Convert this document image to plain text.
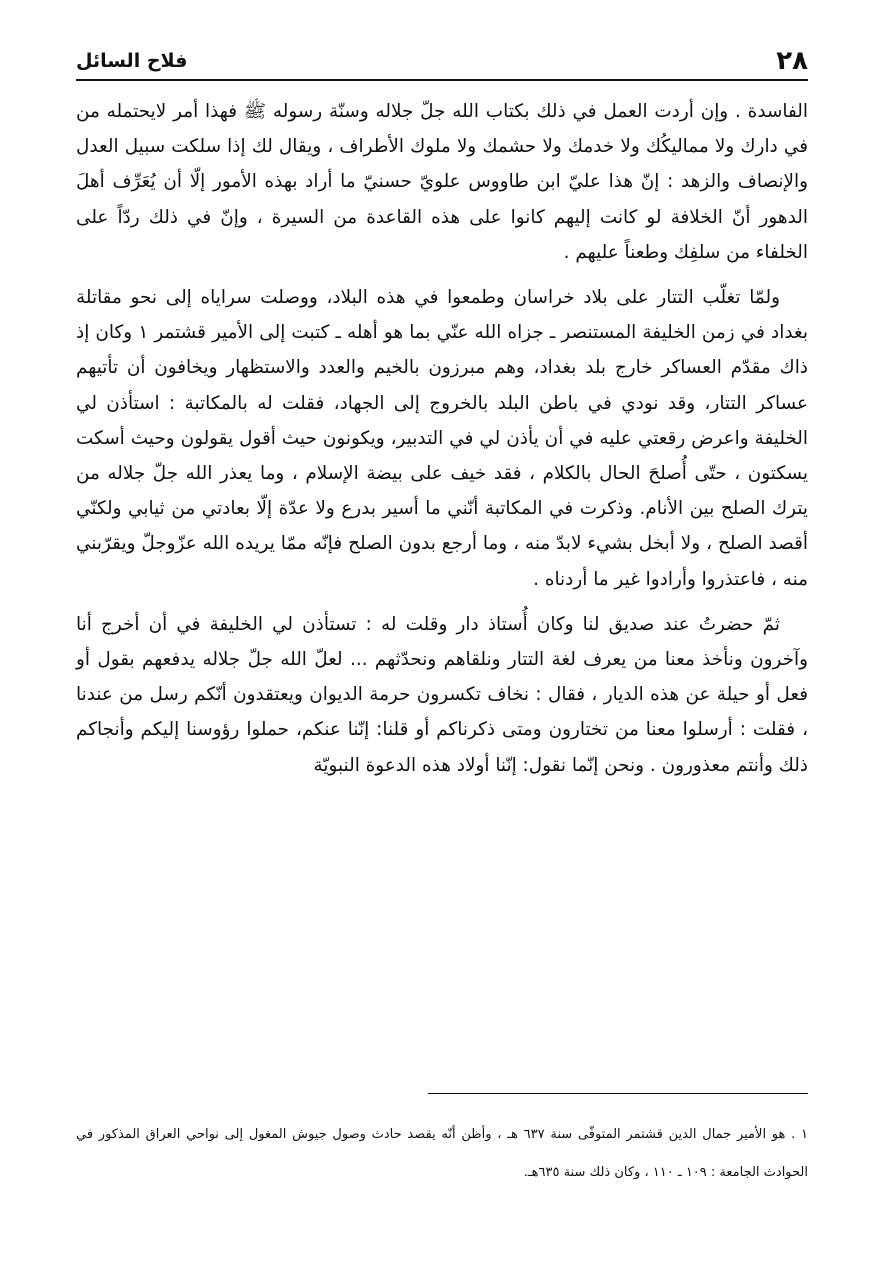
٢٨
فلاح السائل

الفاسدة . وإن أردت العمل في ذلك بكتاب الله جلّ جلاله وسنّة رسوله ﷺ فهذا أمر لايحتمله من في دارك ولا مماليكُك ولا خدمك ولا حشمك ولا ملوك الأطراف ، ويقال لك إذا سلكت سبيل العدل والإنصاف والزهد : إنّ هذا عليّ ابن طاووس علويّ حسنيّ ما أراد بهذه الأمور إلّا أن يُعَرِّف أهلَ الدهور أنّ الخلافة لو كانت إليهم كانوا على هذه القاعدة من السيرة ، وإنّ في ذلك ردّاً على الخلفاء من سلفِك وطعناً عليهم .

ولمّا تغلّب التتار على بلاد خراسان وطمعوا في هذه البلاد، ووصلت سراياه إلى نحو مقاتلة بغداد في زمن الخليفة المستنصر ـ جزاه الله عنّي بما هو أهله ـ كتبت إلى الأمير قشتمر ١ وكان إذ ذاك مقدّم العساكر خارج بلد بغداد، وهم مبرزون بالخيم والعدد والاستظهار ويخافون أن تأتيهم عساكر التتار، وقد نودي في باطن البلد بالخروج إلى الجهاد، فقلت له بالمكاتبة : استأذن لي الخليفة واعرض رقعتي عليه في أن يأذن لي في التدبير، ويكونون حيث أقول يقولون وحيث أسكت يسكتون ، حتّى أُصلحَ الحال بالكلام ، فقد خيف على بيضة الإسلام ، وما يعذر الله جلّ جلاله من يترك الصلح بين الأنام. وذكرت في المكاتبة أنّني ما أسير بدرع ولا عدّة إلّا بعادتي من ثيابي ولكنّي أقصد الصلح ، ولا أبخل بشيء لابدّ منه ، وما أرجع بدون الصلح فإنّه ممّا يريده الله عزّوجلّ ويقرّبني منه ، فاعتذروا وأرادوا غير ما أردناه .

ثمّ حضرتُ عند صديق لنا وكان أُستاذ دار وقلت له : تستأذن لي الخليفة في أن أخرج أنا وآخرون ونأخذ معنا من يعرف لغة التتار ونلقاهم ونحدّثهم ... لعلّ الله جلّ جلاله يدفعهم بقول أو فعل أو حيلة عن هذه الديار ، فقال : نخاف تكسرون حرمة الديوان ويعتقدون أنّكم رسل من عندنا ، فقلت : أرسلوا معنا من تختارون ومتى ذكرناكم أو قلنا: إنّنا عنكم، حملوا رؤوسنا إليكم وأنجاكم ذلك وأنتم معذورون . ونحن إنّما نقول: إنّنا أولاد هذه الدعوة النبويّة

١ . هو الأمير جمال الدين قشتمر المتوفّى سنة ٦٣٧ هـ ، وأظن أنّه يقصد حادث وصول جيوش المغول إلى نواحي العراق المذكور في الحوادث الجامعة : ١٠٩ ـ ١١٠ ، وكان ذلك سنة ٦٣٥هـ.
